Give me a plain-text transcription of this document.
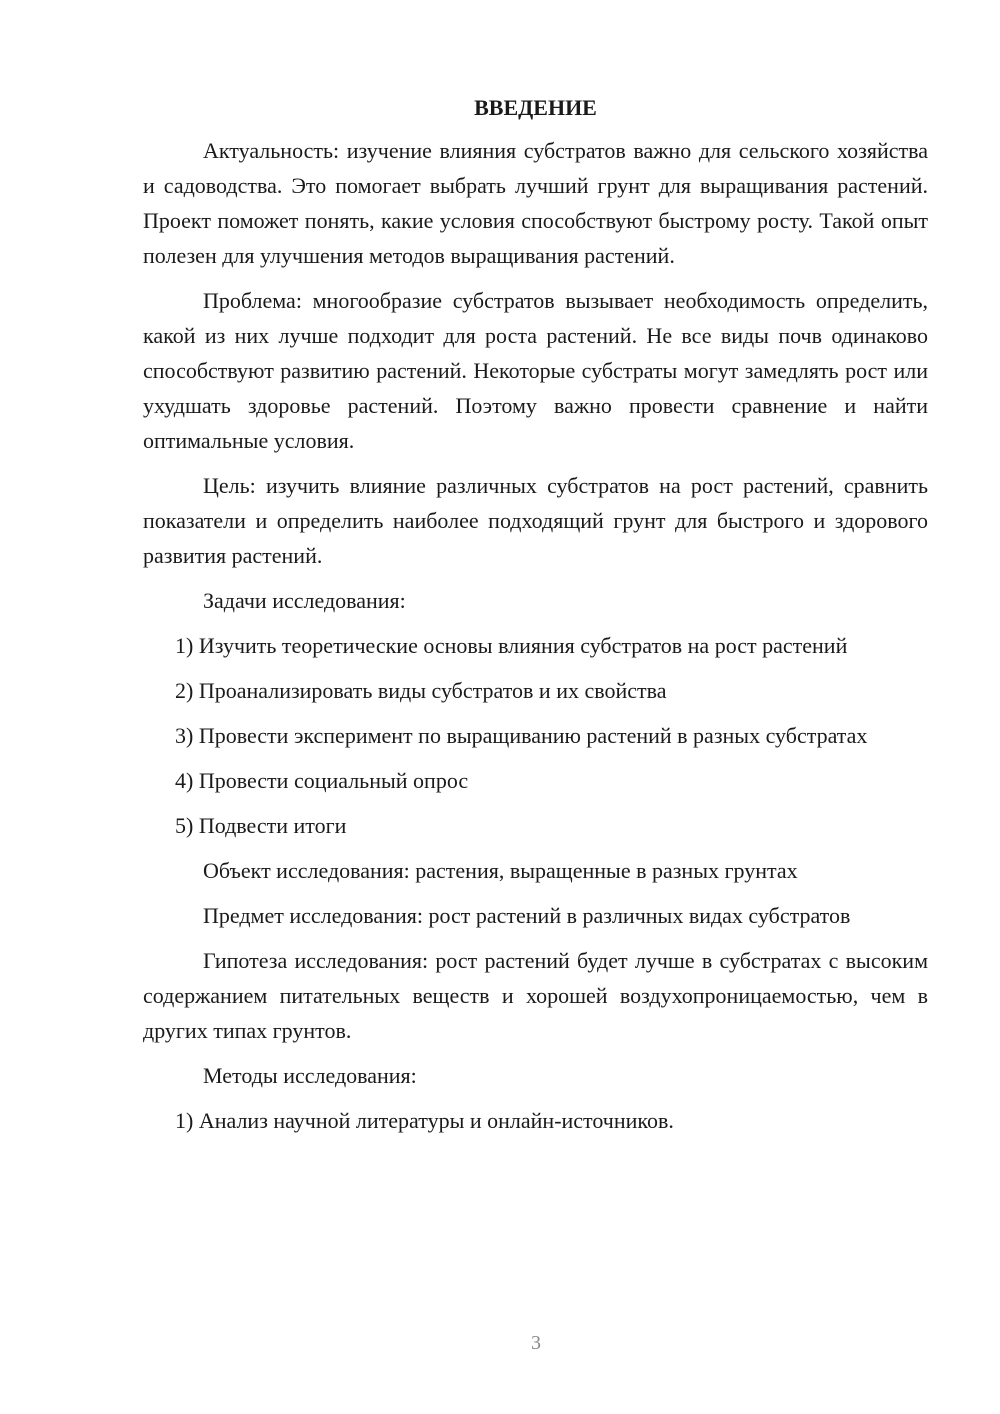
ВВЕДЕНИЕ

Актуальность: изучение влияния субстратов важно для сельского хозяйства и садоводства. Это помогает выбрать лучший грунт для выращивания растений. Проект поможет понять, какие условия способствуют быстрому росту. Такой опыт полезен для улучшения методов выращивания растений.

Проблема: многообразие субстратов вызывает необходимость определить, какой из них лучше подходит для роста растений. Не все виды почв одинаково способствуют развитию растений. Некоторые субстраты могут замедлять рост или ухудшать здоровье растений. Поэтому важно провести сравнение и найти оптимальные условия.

Цель: изучить влияние различных субстратов на рост растений, сравнить показатели и определить наиболее подходящий грунт для быстрого и здорового развития растений.

Задачи исследования:

1) Изучить теоретические основы влияния субстратов на рост растений

2) Проанализировать виды субстратов и их свойства

3) Провести эксперимент по выращиванию растений в разных субстратах

4) Провести социальный опрос

5) Подвести итоги

Объект исследования: растения, выращенные в разных грунтах

Предмет исследования: рост растений в различных видах субстратов

Гипотеза исследования: рост растений будет лучше в субстратах с высоким содержанием питательных веществ и хорошей воздухопроницаемостью, чем в других типах грунтов.

Методы исследования:

1) Анализ научной литературы и онлайн-источников.

3
